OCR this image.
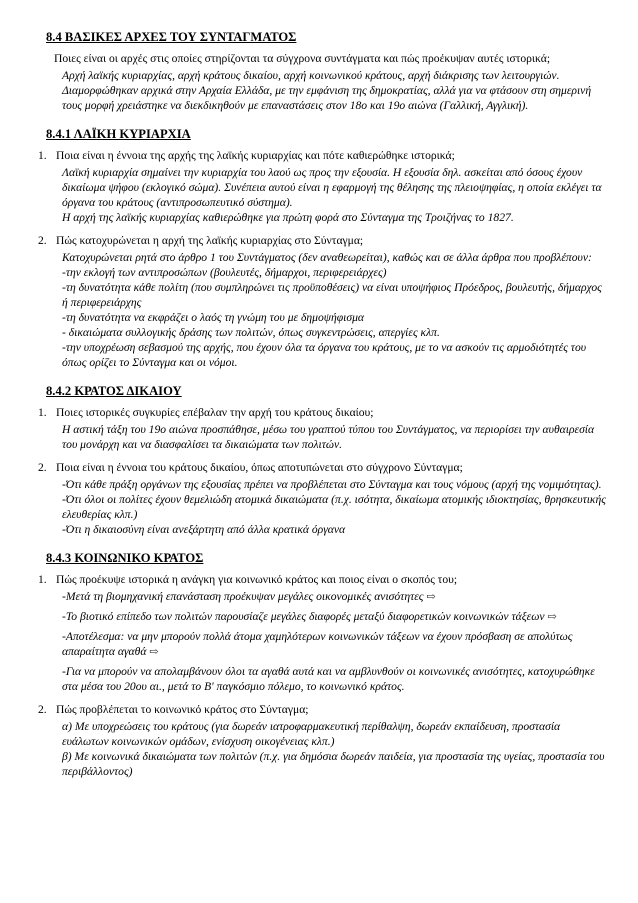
8.4 ΒΑΣΙΚΕΣ ΑΡΧΕΣ ΤΟΥ ΣΥΝΤΑΓΜΑΤΟΣ
Ποιες είναι οι αρχές στις οποίες στηρίζονται τα σύγχρονα συντάγματα και πώς προέκυψαν αυτές ιστορικά;
Αρχή λαϊκής κυριαρχίας, αρχή κράτους δικαίου, αρχή κοινωνικού κράτους, αρχή διάκρισης των λειτουργιών. Διαμορφώθηκαν αρχικά στην Αρχαία Ελλάδα, με την εμφάνιση της δημοκρατίας, αλλά για να φτάσουν στη σημερινή τους μορφή χρειάστηκε να διεκδικηθούν με επαναστάσεις στον 18ο και 19ο αιώνα (Γαλλική, Αγγλική).
8.4.1 ΛΑΪΚΗ ΚΥΡΙΑΡΧΙΑ
1. Ποια είναι η έννοια της αρχής της λαϊκής κυριαρχίας και πότε καθιερώθηκε ιστορικά;
Λαϊκή κυριαρχία σημαίνει την κυριαρχία του λαού ως προς την εξουσία. Η εξουσία δηλ. ασκείται από όσους έχουν δικαίωμα ψήφου (εκλογικό σώμα). Συνέπεια αυτού είναι η εφαρμογή της θέλησης της πλειοψηφίας, η οποία εκλέγει τα όργανα του κράτους (αντιπροσωπευτικό σύστημα).
Η αρχή της λαϊκής κυριαρχίας καθιερώθηκε για πρώτη φορά στο Σύνταγμα της Τροιζήνας το 1827.
2. Πώς κατοχυρώνεται η αρχή της λαϊκής κυριαρχίας στο Σύνταγμα;
Κατοχυρώνεται ρητά στο άρθρο 1 του Συντάγματος (δεν αναθεωρείται), καθώς και σε άλλα άρθρα που προβλέπουν:
-την εκλογή των αντιπροσώπων (βουλευτές, δήμαρχοι, περιφερειάρχες)
-τη δυνατότητα κάθε πολίτη (που συμπληρώνει τις προϋποθέσεις) να είναι υποψήφιος Πρόεδρος, βουλευτής, δήμαρχος ή περιφερειάρχης
-τη δυνατότητα να εκφράζει ο λαός τη γνώμη του με δημοψήφισμα
- δικαιώματα συλλογικής δράσης των πολιτών, όπως συγκεντρώσεις, απεργίες κλπ.
-την υποχρέωση σεβασμού της αρχής, που έχουν όλα τα όργανα του κράτους, με το να ασκούν τις αρμοδιότητές του όπως ορίζει το Σύνταγμα και οι νόμοι.
8.4.2 ΚΡΑΤΟΣ ΔΙΚΑΙΟΥ
1. Ποιες ιστορικές συγκυρίες επέβαλαν την αρχή του κράτους δικαίου;
Η αστική τάξη του 19ο αιώνα προσπάθησε, μέσω του γραπτού τύπου του Συντάγματος, να περιορίσει την αυθαιρεσία του μονάρχη και να διασφαλίσει τα δικαιώματα των πολιτών.
2. Ποια είναι η έννοια του κράτους δικαίου, όπως αποτυπώνεται στο σύγχρονο Σύνταγμα;
-Ότι κάθε πράξη οργάνων της εξουσίας πρέπει να προβλέπεται στο Σύνταγμα και τους νόμους (αρχή της νομιμότητας).
-Ότι όλοι οι πολίτες έχουν θεμελιώδη ατομικά δικαιώματα (π.χ. ισότητα, δικαίωμα ατομικής ιδιοκτησίας, θρησκευτικής ελευθερίας κλπ.)
-Ότι η δικαιοσύνη είναι ανεξάρτητη από άλλα κρατικά όργανα
8.4.3 ΚΟΙΝΩΝΙΚΟ ΚΡΑΤΟΣ
1. Πώς προέκυψε ιστορικά η ανάγκη για κοινωνικό κράτος και ποιος είναι ο σκοπός του;
-Μετά τη βιομηχανική επανάσταση προέκυψαν μεγάλες οικονομικές ανισότητες ⇨
-Το βιοτικό επίπεδο των πολιτών παρουσίαζε μεγάλες διαφορές μεταξύ διαφορετικών κοινωνικών τάξεων ⇨
-Αποτέλεσμα: να μην μπορούν πολλά άτομα χαμηλότερων κοινωνικών τάξεων να έχουν πρόσβαση σε απολύτως απαραίτητα αγαθά ⇨
-Για να μπορούν να απολαμβάνουν όλοι τα αγαθά αυτά και να αμβλυνθούν οι κοινωνικές ανισότητες, κατοχυρώθηκε στα μέσα του 20ου αι., μετά το Β' παγκόσμιο πόλεμο, το κοινωνικό κράτος.
2. Πώς προβλέπεται το κοινωνικό κράτος στο Σύνταγμα;
α) Με υποχρεώσεις του κράτους (για δωρεάν ιατροφαρμακευτική περίθαλψη, δωρεάν εκπαίδευση, προστασία ευάλωτων κοινωνικών ομάδων, ενίσχυση οικογένειας κλπ.)
β) Με κοινωνικά δικαιώματα των πολιτών (π.χ. για δημόσια δωρεάν παιδεία, για προστασία της υγείας, προστασία του περιβάλλοντος)
